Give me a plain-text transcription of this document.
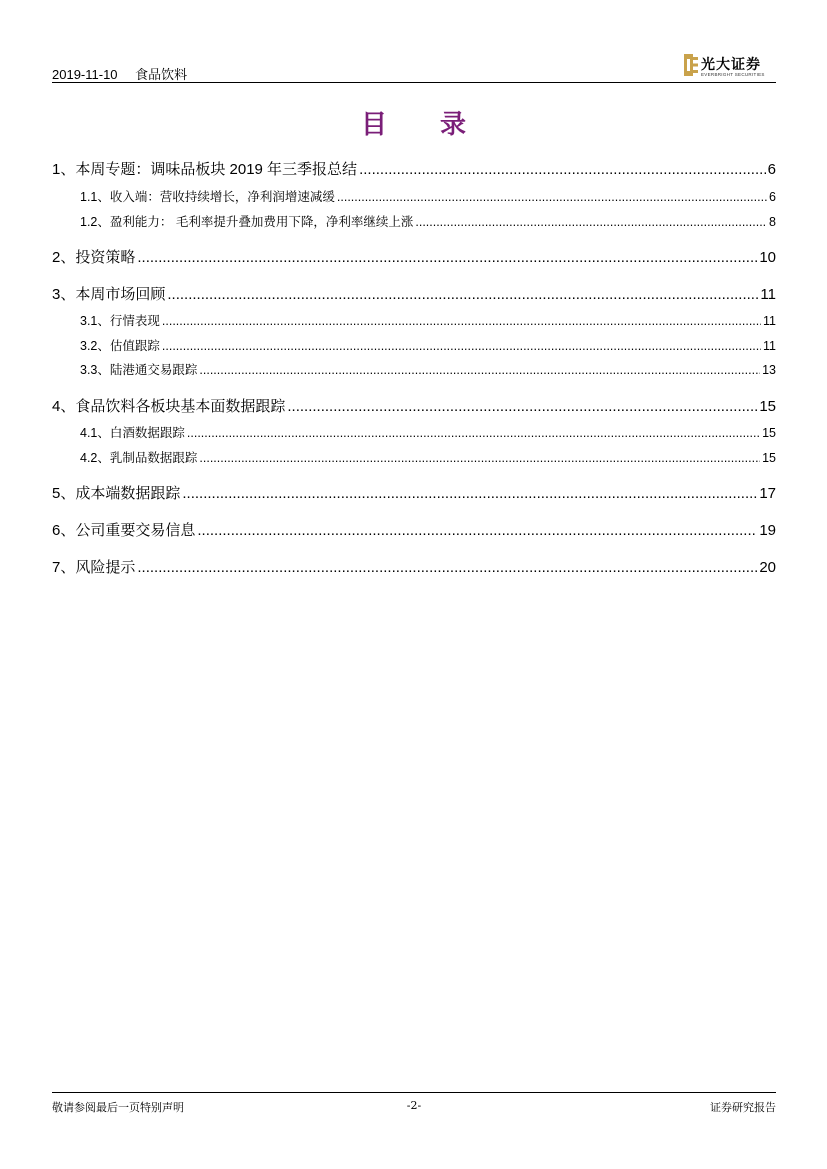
2019-11-10 食品饮料
光大证券
EVERBRIGHT SECURITIES
目 录
1、 本周专题：调味品板块 2019 年三季报总结 .....	6
1.1、 收入端：营收持续增长，净利润增速减缓 .....	6
1.2、 盈利能力： 毛利率提升叠加费用下降，净利率继续上涨 .....	8
2、 投资策略 .....	10
3、 本周市场回顾 .....	11
3.1、 行情表现 .....	11
3.2、 估值跟踪 .....	11
3.3、 陆港通交易跟踪 .....	13
4、 食品饮料各板块基本面数据跟踪 .....	15
4.1、 白酒数据跟踪 .....	15
4.2、 乳制品数据跟踪 .....	15
5、 成本端数据跟踪 .....	17
6、 公司重要交易信息 .....	19
7、 风险提示 .....	20
敬请参阅最后一页特别声明	-2-	证券研究报告
